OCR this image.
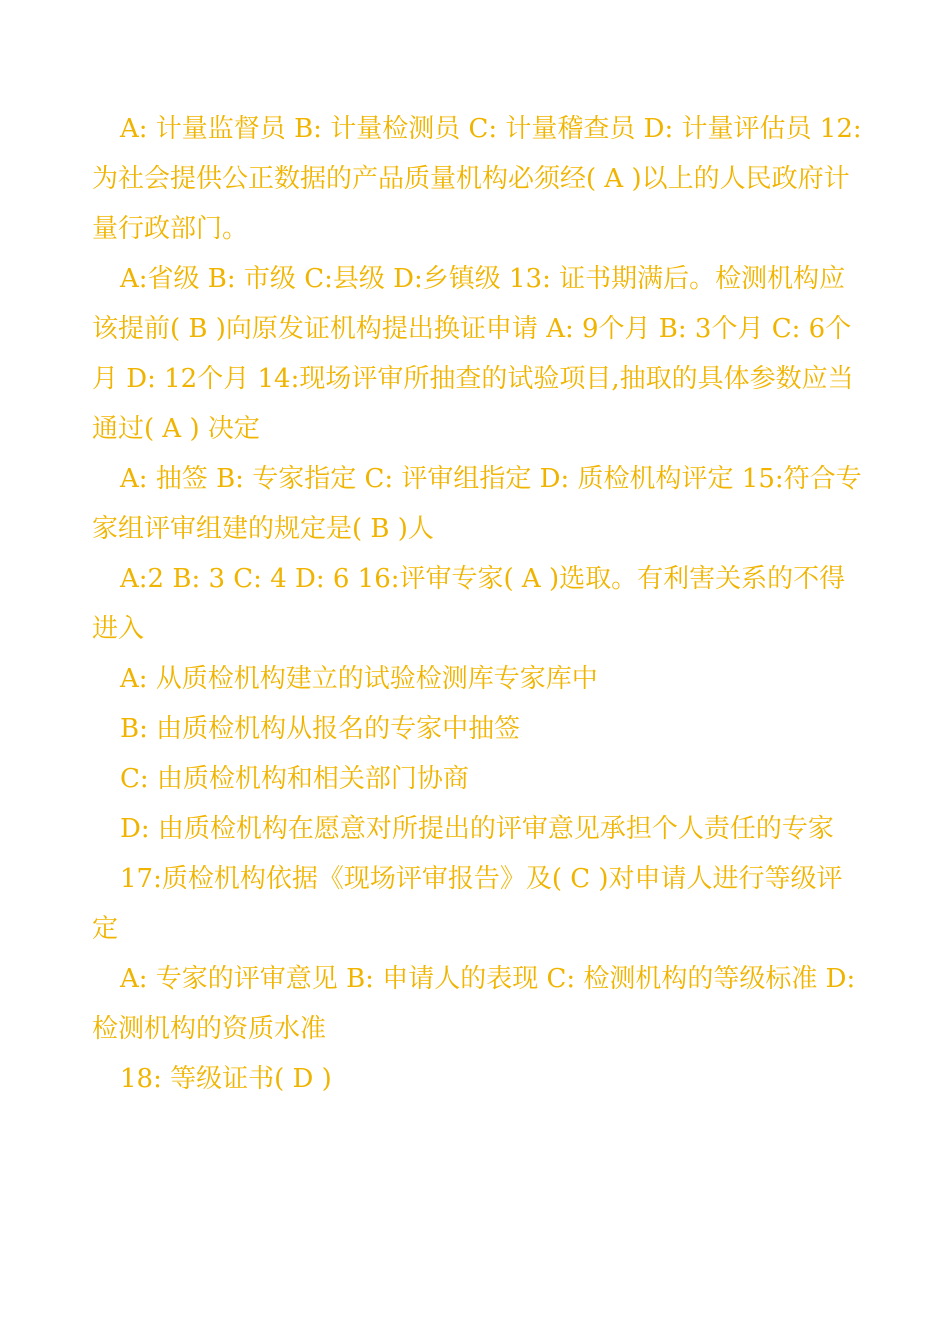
A: 计量监督员 B: 计量检测员 C: 计量稽查员 D: 计量评估员 12:为社会提供公正数据的产品质量机构必须经( A )以上的人民政府计量行政部门。

A:省级 B: 市级 C:县级 D:乡镇级 13: 证书期满后。检测机构应该提前( B )向原发证机构提出换证申请 A: 9个月 B: 3个月 C: 6个月 D: 12个月 14:现场评审所抽查的试验项目,抽取的具体参数应当通过( A ) 决定

A: 抽签 B: 专家指定 C: 评审组指定 D: 质检机构评定 15:符合专家组评审组建的规定是( B )人

A:2 B: 3 C: 4 D: 6 16:评审专家( A )选取。有利害关系的不得进入

A: 从质检机构建立的试验检测库专家库中

B: 由质检机构从报名的专家中抽签

C: 由质检机构和相关部门协商

D: 由质检机构在愿意对所提出的评审意见承担个人责任的专家

17:质检机构依据《现场评审报告》及( C )对申请人进行等级评定

A: 专家的评审意见 B: 申请人的表现 C: 检测机构的等级标准 D: 检测机构的资质水准

18: 等级证书( D )
